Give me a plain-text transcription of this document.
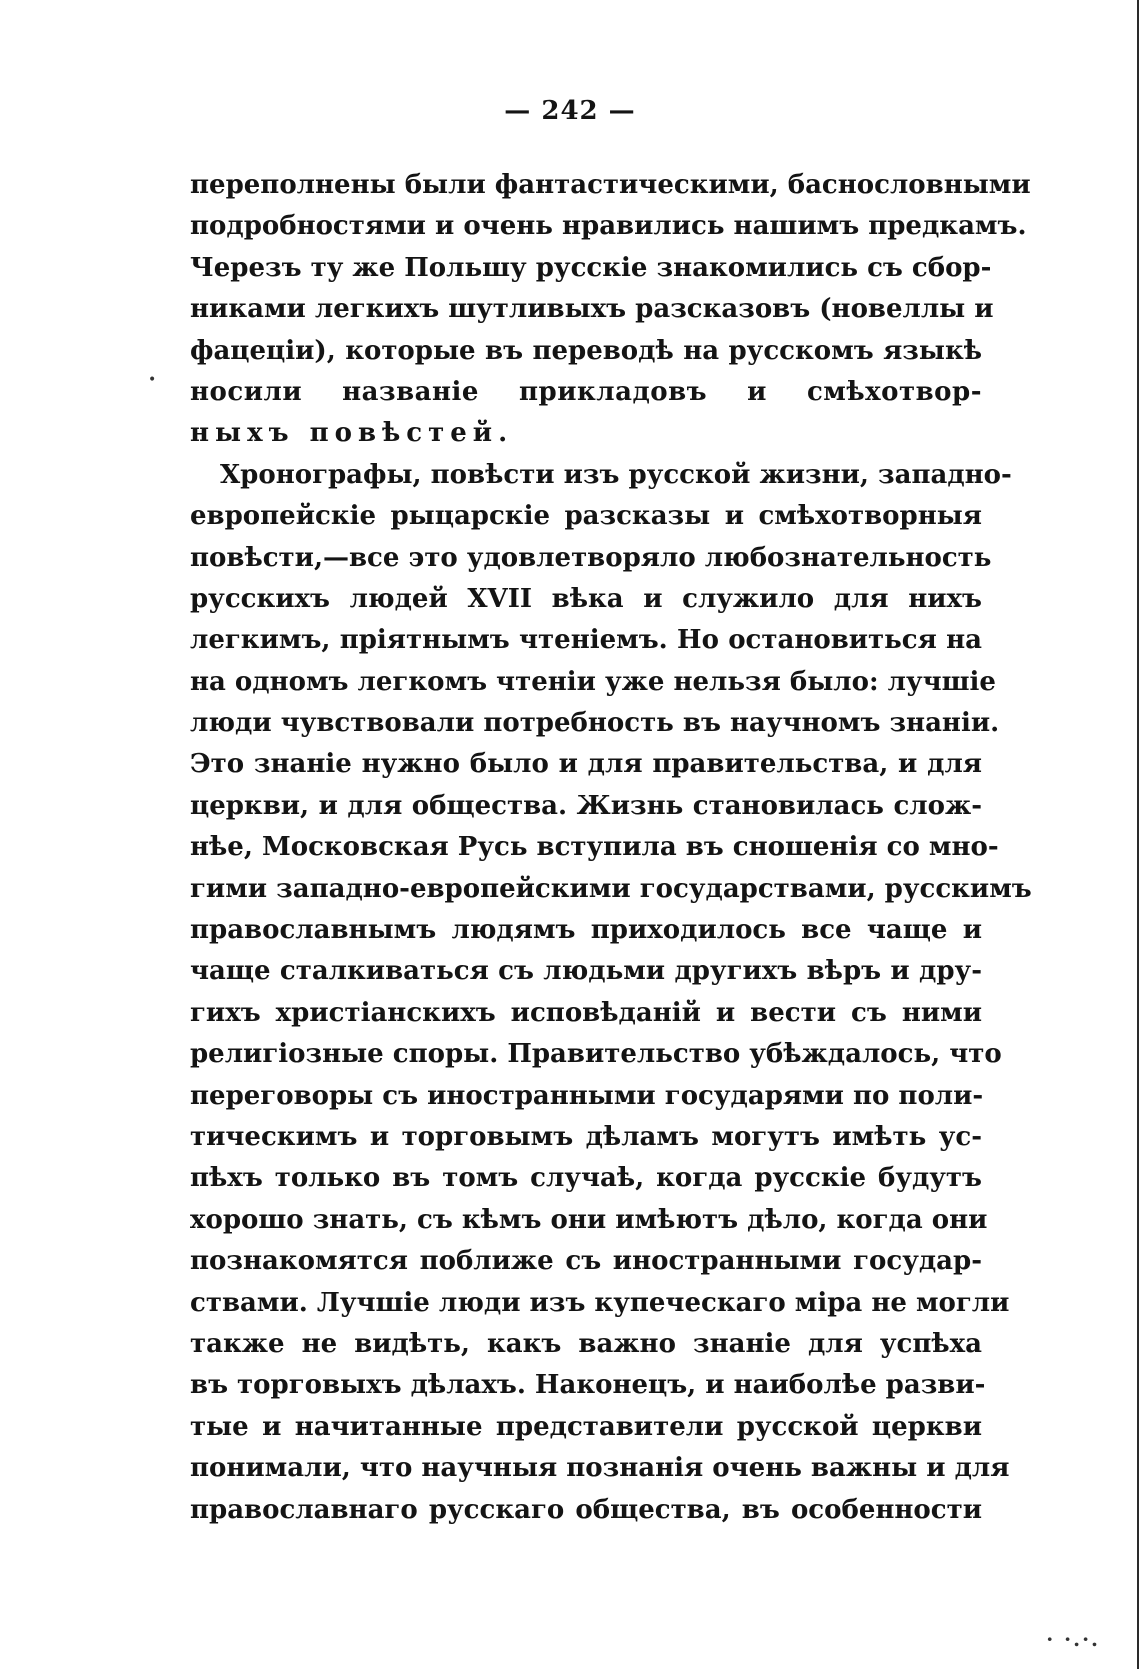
— 242 —
переполнены были фантастическими, баснословными
подробностями и очень нравились нашимъ предкамъ.
Черезъ ту же Польшу русскіе знакомились съ сбор-
никами легкихъ шутливыхъ разсказовъ (новеллы и
фацеціи), которые въ переводѣ на русскомъ языкѣ
носили названіе прикладовъ и смѣхотвор-
ныхъ повѣстей.
Хронографы, повѣсти изъ русской жизни, западно-
европейскіе рыцарскіе разсказы и смѣхотворныя
повѣсти,—все это удовлетворяло любознательность
русскихъ людей XVII вѣка и служило для нихъ
легкимъ, пріятнымъ чтеніемъ. Но остановиться на
на одномъ легкомъ чтеніи уже нельзя было: лучшіе
люди чувствовали потребность въ научномъ знаніи.
Это знаніе нужно было и для правительства, и для
церкви, и для общества. Жизнь становилась слож-
нѣе, Московская Русь вступила въ сношенія со мно-
гими западно-европейскими государствами, русскимъ
православнымъ людямъ приходилось все чаще и
чаще сталкиваться съ людьми другихъ вѣръ и дру-
гихъ христіанскихъ исповѣданій и вести съ ними
религіозные споры. Правительство убѣждалось, что
переговоры съ иностранными государями по поли-
тическимъ и торговымъ дѣламъ могутъ имѣть ус-
пѣхъ только въ томъ случаѣ, когда русскіе будутъ
хорошо знать, съ кѣмъ они имѣютъ дѣло, когда они
познакомятся поближе съ иностранными государ-
ствами. Лучшіе люди изъ купеческаго міра не могли
также не видѣть, какъ важно знаніе для успѣха
въ торговыхъ дѣлахъ. Наконецъ, и наиболѣе разви-
тые и начитанные представители русской церкви
понимали, что научныя познанія очень важны и для
православнаго русскаго общества, въ особенности
•
· ·.·.
